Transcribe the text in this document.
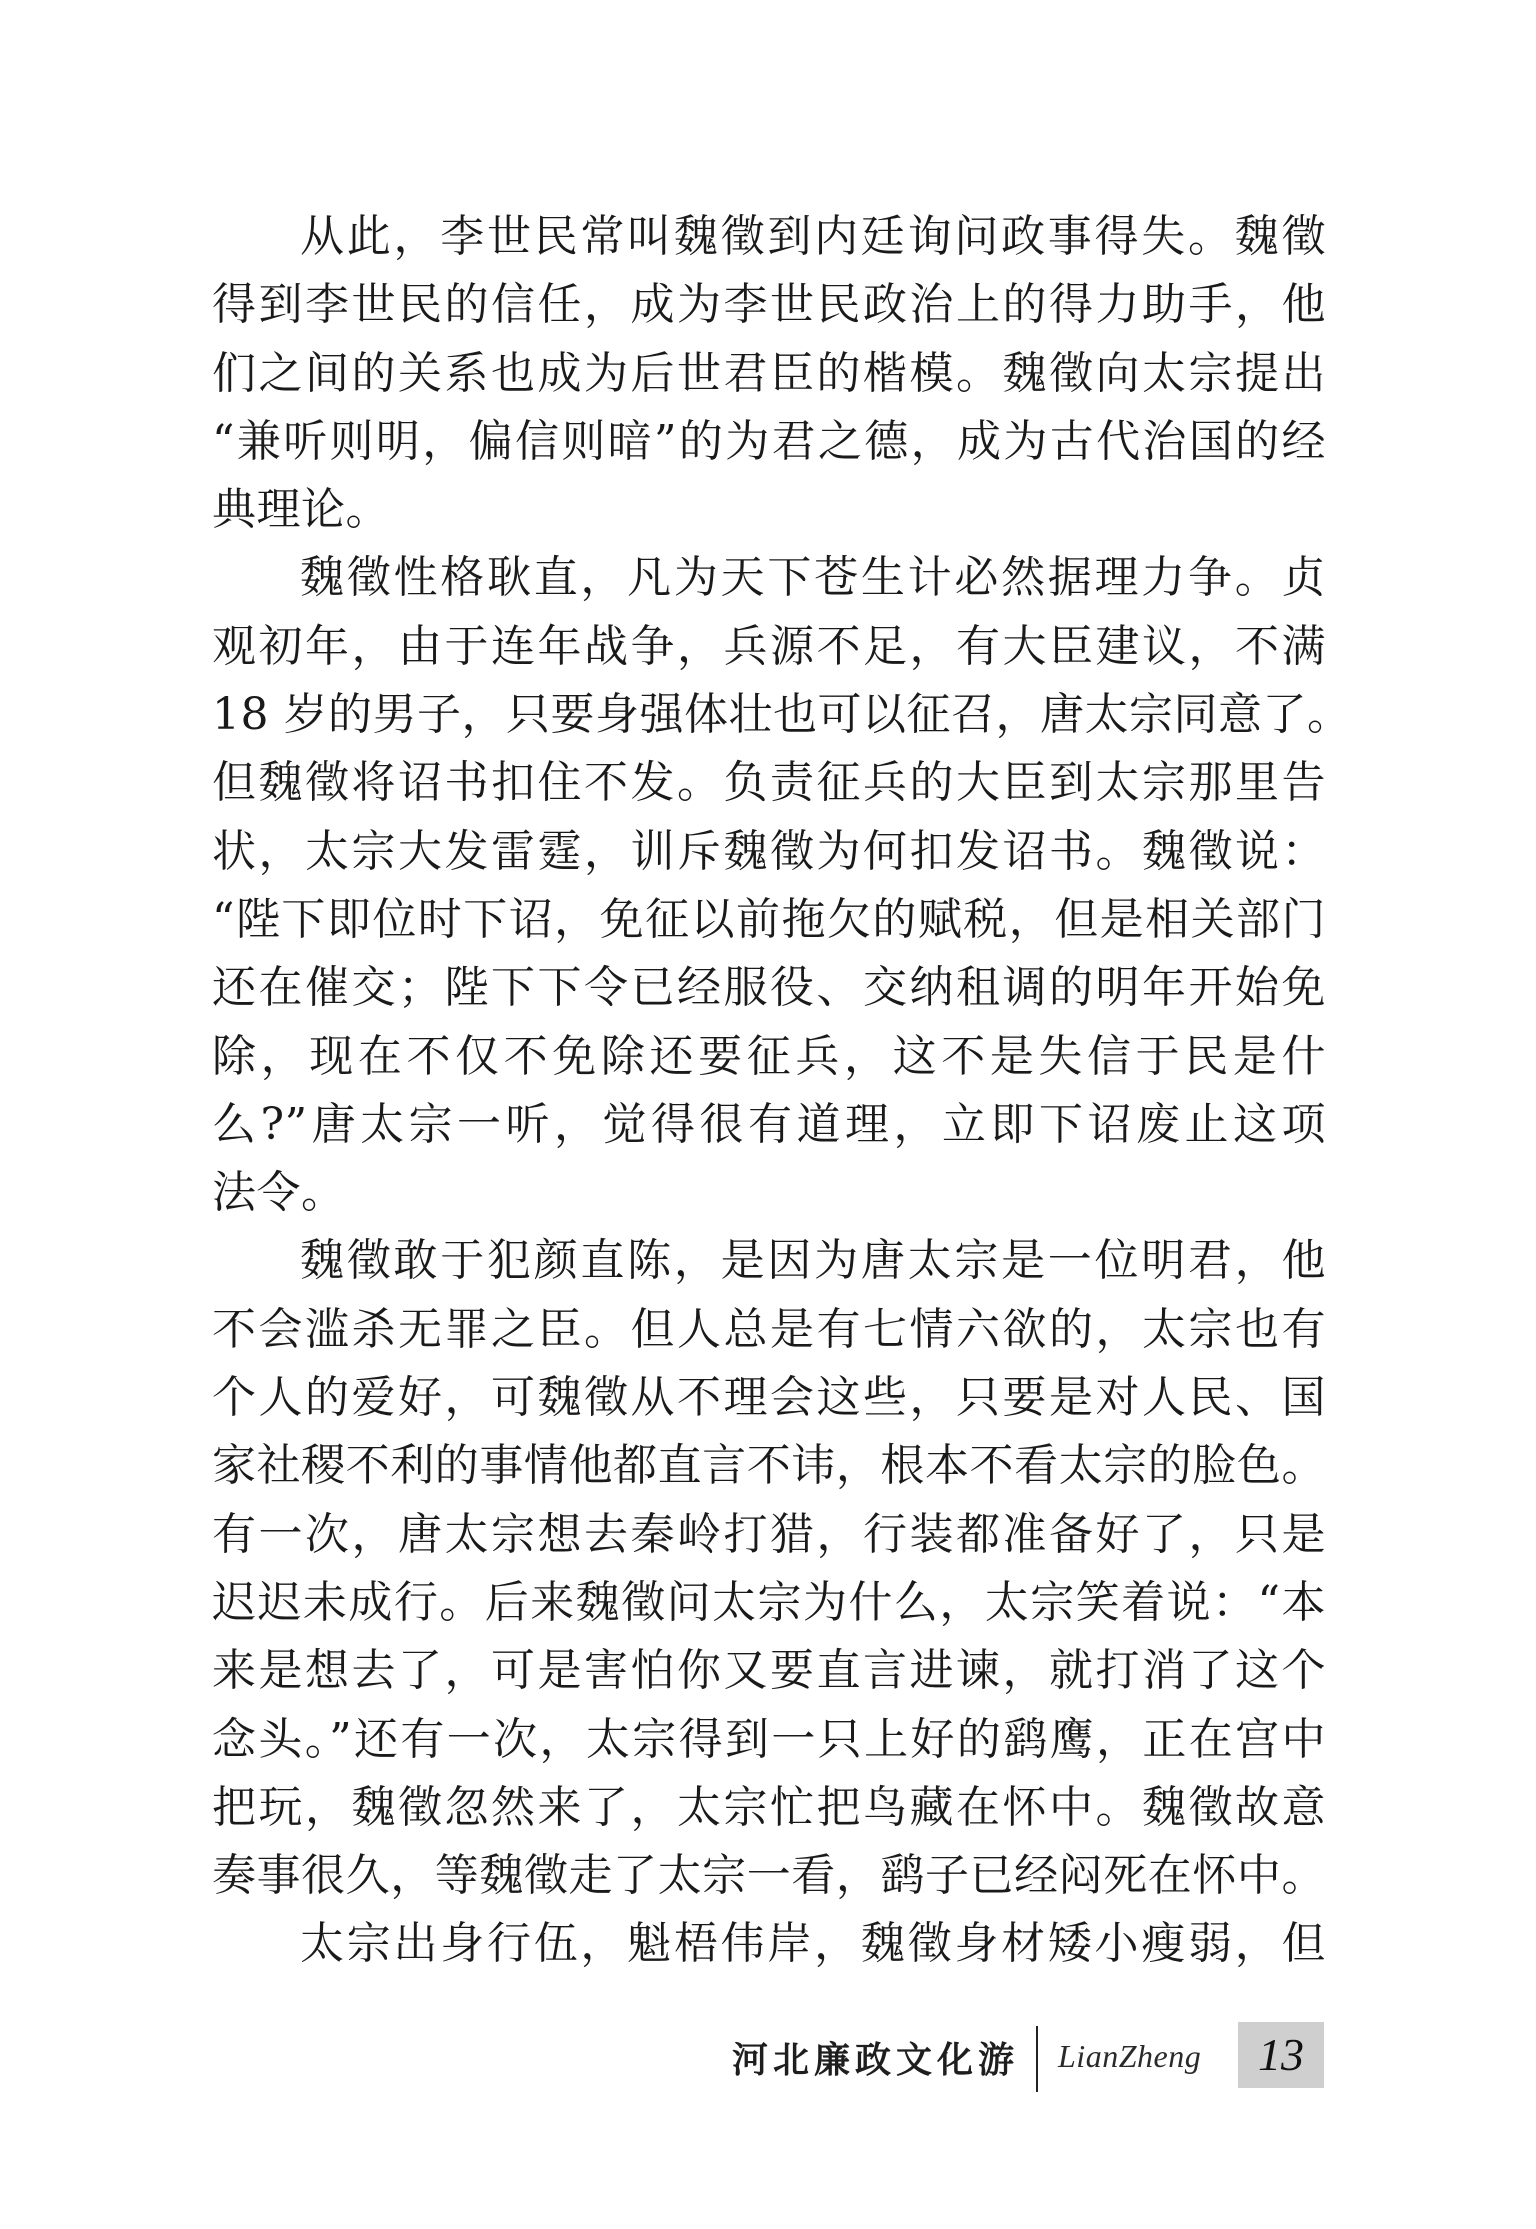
从此，李世民常叫魏徵到内廷询问政事得失。魏徵
得到李世民的信任，成为李世民政治上的得力助手，他
们之间的关系也成为后世君臣的楷模。魏徵向太宗提出
“兼听则明，偏信则暗”的为君之德，成为古代治国的经
典理论。
魏徵性格耿直，凡为天下苍生计必然据理力争。贞
观初年，由于连年战争，兵源不足，有大臣建议，不满
18 岁的男子，只要身强体壮也可以征召，唐太宗同意了。
但魏徵将诏书扣住不发。负责征兵的大臣到太宗那里告
状，太宗大发雷霆，训斥魏徵为何扣发诏书。魏徵说：
“陛下即位时下诏，免征以前拖欠的赋税，但是相关部门
还在催交；陛下下令已经服役、交纳租调的明年开始免
除，现在不仅不免除还要征兵，这不是失信于民是什
么?”唐太宗一听，觉得很有道理，立即下诏废止这项
法令。
魏徵敢于犯颜直陈，是因为唐太宗是一位明君，他
不会滥杀无罪之臣。但人总是有七情六欲的，太宗也有
个人的爱好，可魏徵从不理会这些，只要是对人民、国
家社稷不利的事情他都直言不讳，根本不看太宗的脸色。
有一次，唐太宗想去秦岭打猎，行装都准备好了，只是
迟迟未成行。后来魏徵问太宗为什么，太宗笑着说：“本
来是想去了，可是害怕你又要直言进谏，就打消了这个
念头。”还有一次，太宗得到一只上好的鹞鹰，正在宫中
把玩，魏徵忽然来了，太宗忙把鸟藏在怀中。魏徵故意
奏事很久，等魏徵走了太宗一看，鹞子已经闷死在怀中。
太宗出身行伍，魁梧伟岸，魏徵身材矮小瘦弱，但
河北廉政文化游 LianZheng	13
